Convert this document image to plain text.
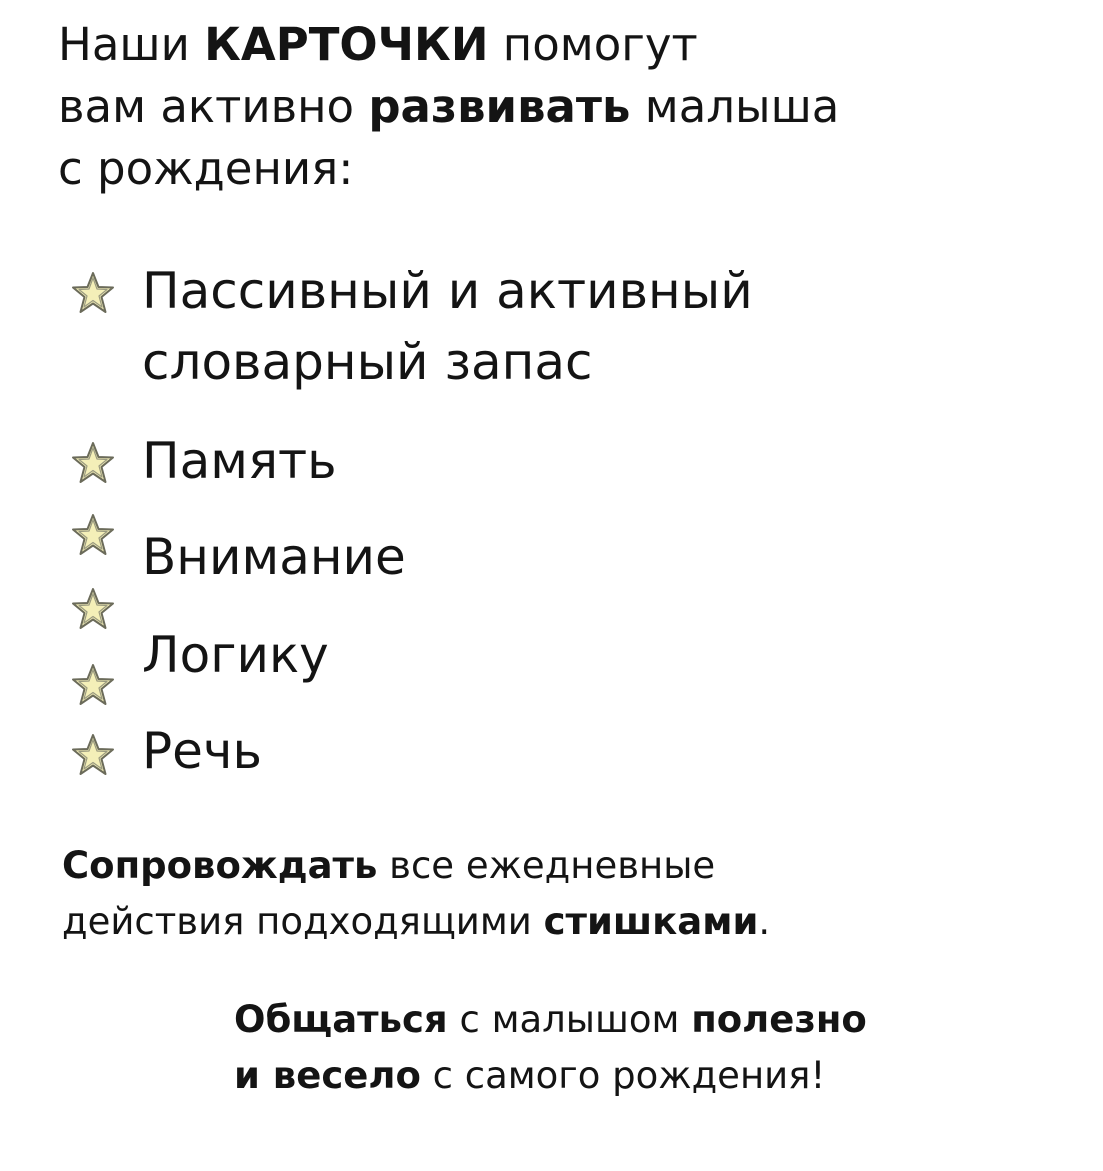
Наши КАРТОЧКИ помогут
вам активно развивать малыша
с рождения:
Пассивный и активный
словарный запас
Память
Внимание
Логику
Речь

Сопровождать все ежедневные
действия подходящими стишками.

Общаться с малышом полезно
и весело с самого рождения!
